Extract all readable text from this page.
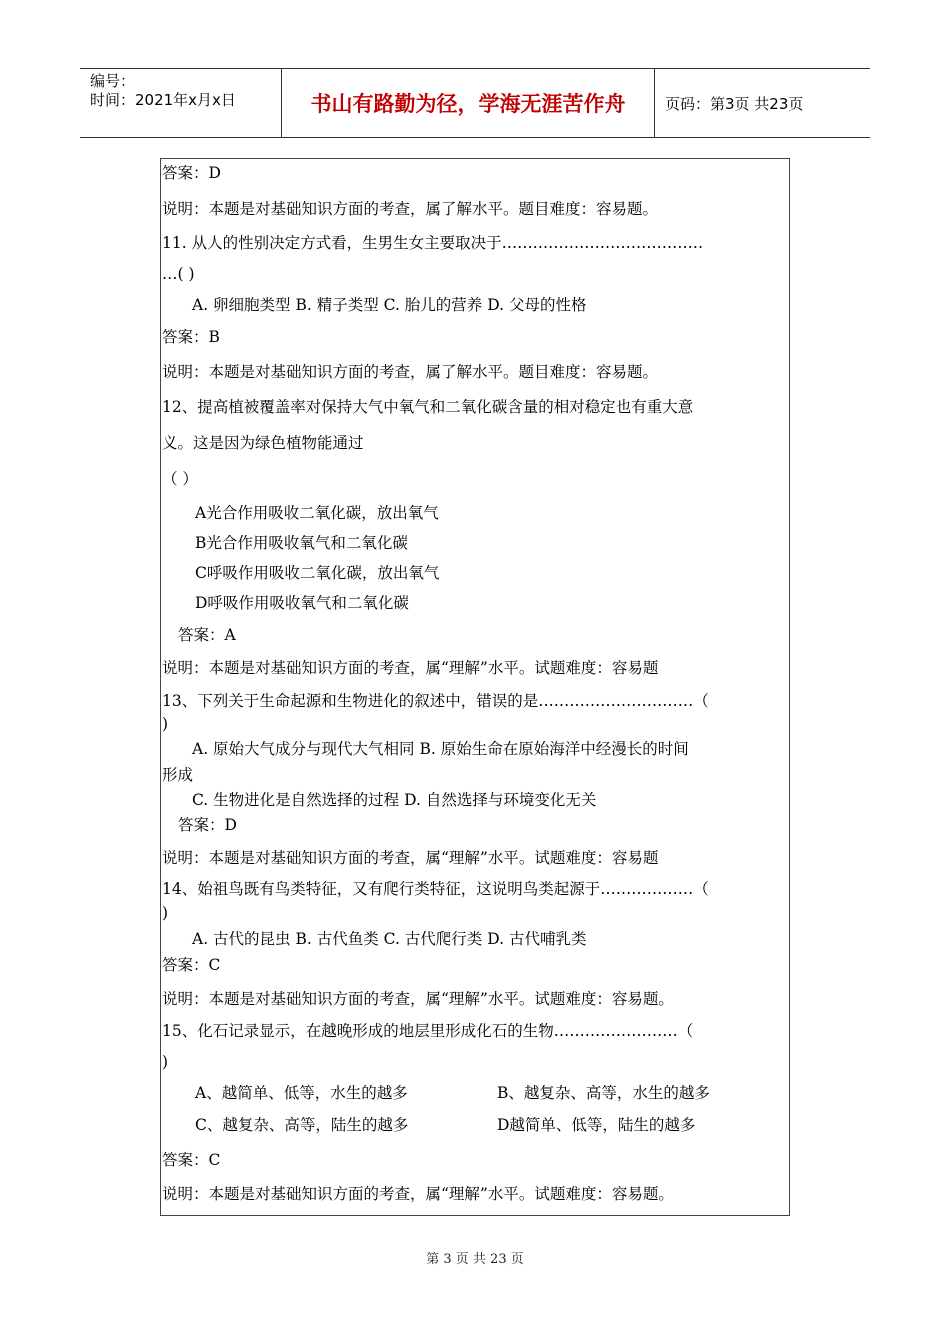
编号：
时间：2021年x月x日	书山有路勤为径，学海无涯苦作舟	页码：第3页 共23页
答案：D
说明：本题是对基础知识方面的考查，属了解水平。题目难度：容易题。
11. 从人的性别决定方式看，生男生女主要取决于…………………………………
…( )
A. 卵细胞类型 B. 精子类型 C. 胎儿的营养 D. 父母的性格
答案：B
说明：本题是对基础知识方面的考查，属了解水平。题目难度：容易题。
12、提高植被覆盖率对保持大气中氧气和二氧化碳含量的相对稳定也有重大意
义。这是因为绿色植物能通过
（ ）
A光合作用吸收二氧化碳，放出氧气
B光合作用吸收氧气和二氧化碳
C呼吸作用吸收二氧化碳，放出氧气
D呼吸作用吸收氧气和二氧化碳
答案：A
说明：本题是对基础知识方面的考查，属“理解”水平。试题难度：容易题
13、下列关于生命起源和生物进化的叙述中，错误的是…………………………（
)
A. 原始大气成分与现代大气相同 B. 原始生命在原始海洋中经漫长的时间
形成
C. 生物进化是自然选择的过程 D. 自然选择与环境变化无关
答案：D
说明：本题是对基础知识方面的考查，属“理解”水平。试题难度：容易题
14、始祖鸟既有鸟类特征，又有爬行类特征，这说明鸟类起源于………………（
)
A. 古代的昆虫 B. 古代鱼类 C. 古代爬行类 D. 古代哺乳类
答案：C
说明：本题是对基础知识方面的考查，属“理解”水平。试题难度：容易题。
15、化石记录显示，在越晚形成的地层里形成化石的生物……………………（
)
A、越简单、低等，水生的越多	B、越复杂、高等，水生的越多
C、越复杂、高等，陆生的越多	D越简单、低等，陆生的越多
答案：C
说明：本题是对基础知识方面的考查，属“理解”水平。试题难度：容易题。
第 3 页 共 23 页
